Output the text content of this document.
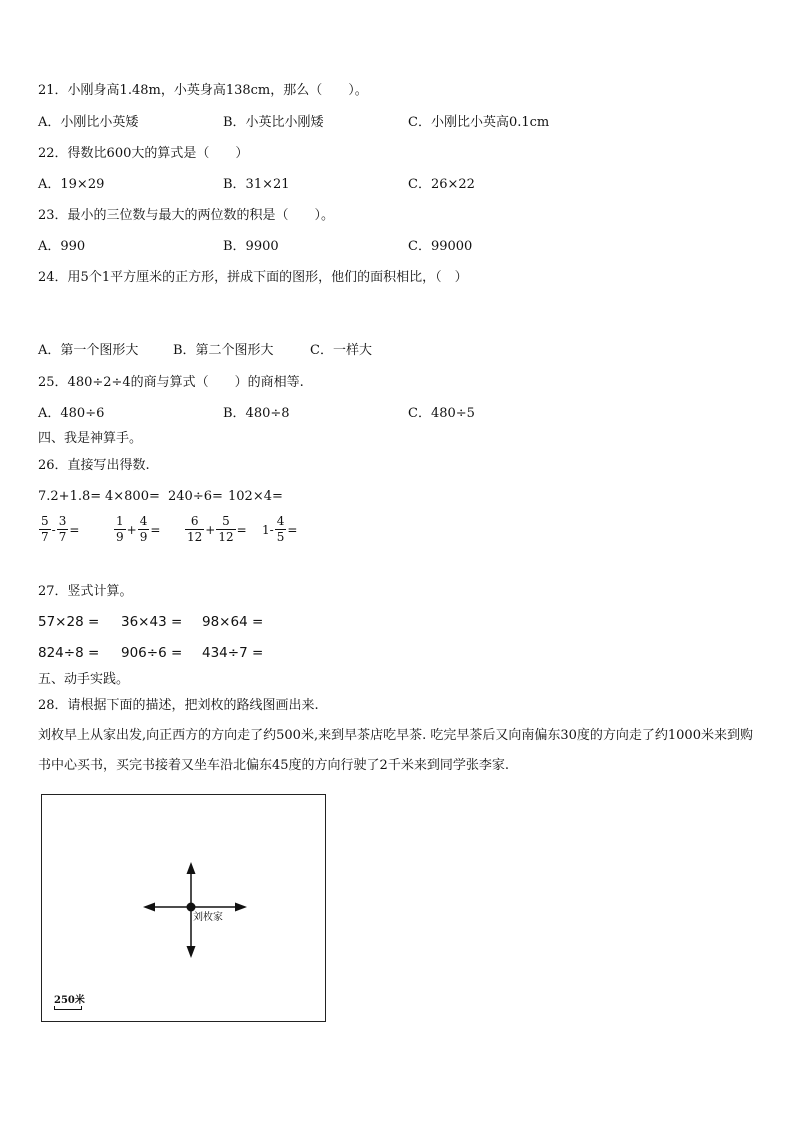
21．小刚身高1.48m，小英身高138cm，那么（　　）。
A．小刚比小英矮	B．小英比小刚矮	C．小刚比小英高0.1cm
22．得数比600大的算式是（　　）
A．19×29	B．31×21	C．26×22
23．最小的三位数与最大的两位数的积是（　　）。
A．990	B．9900	C．99000
24．用5个1平方厘米的正方形，拼成下面的图形，他们的面积相比，（　）
A．第一个图形大	B．第二个图形大	C．一样大
25．480÷2÷4的商与算式（　　）的商相等.
A．480÷6	B．480÷8	C．480÷5
四、我是神算手。
26．直接写出得数.
7.2+1.8= 4×800= 240÷6= 102×4=
$\frac{5}{7} - \frac{3}{7}$ =	$\frac{1}{9} + \frac{4}{9} = \frac{6}{12} + \frac{5}{12} = 1- \frac{4}{5}$ =
27．竖式计算。
57×28 = 36×43 = 98×64 =
824÷8 = 906÷6 = 434÷7 =
五、动手实践。
28．请根据下面的描述，把刘枚的路线图画出来.
刘枚早上从家出发,向正西方的方向走了约500米,来到早茶店吃早茶. 吃完早茶后又向南偏东30度的方向走了约1000米来到购书中心买书，买完书接着又坐车沿北偏东45度的方向行驶了2千米来到同学张李家.
刘枚家
250米
